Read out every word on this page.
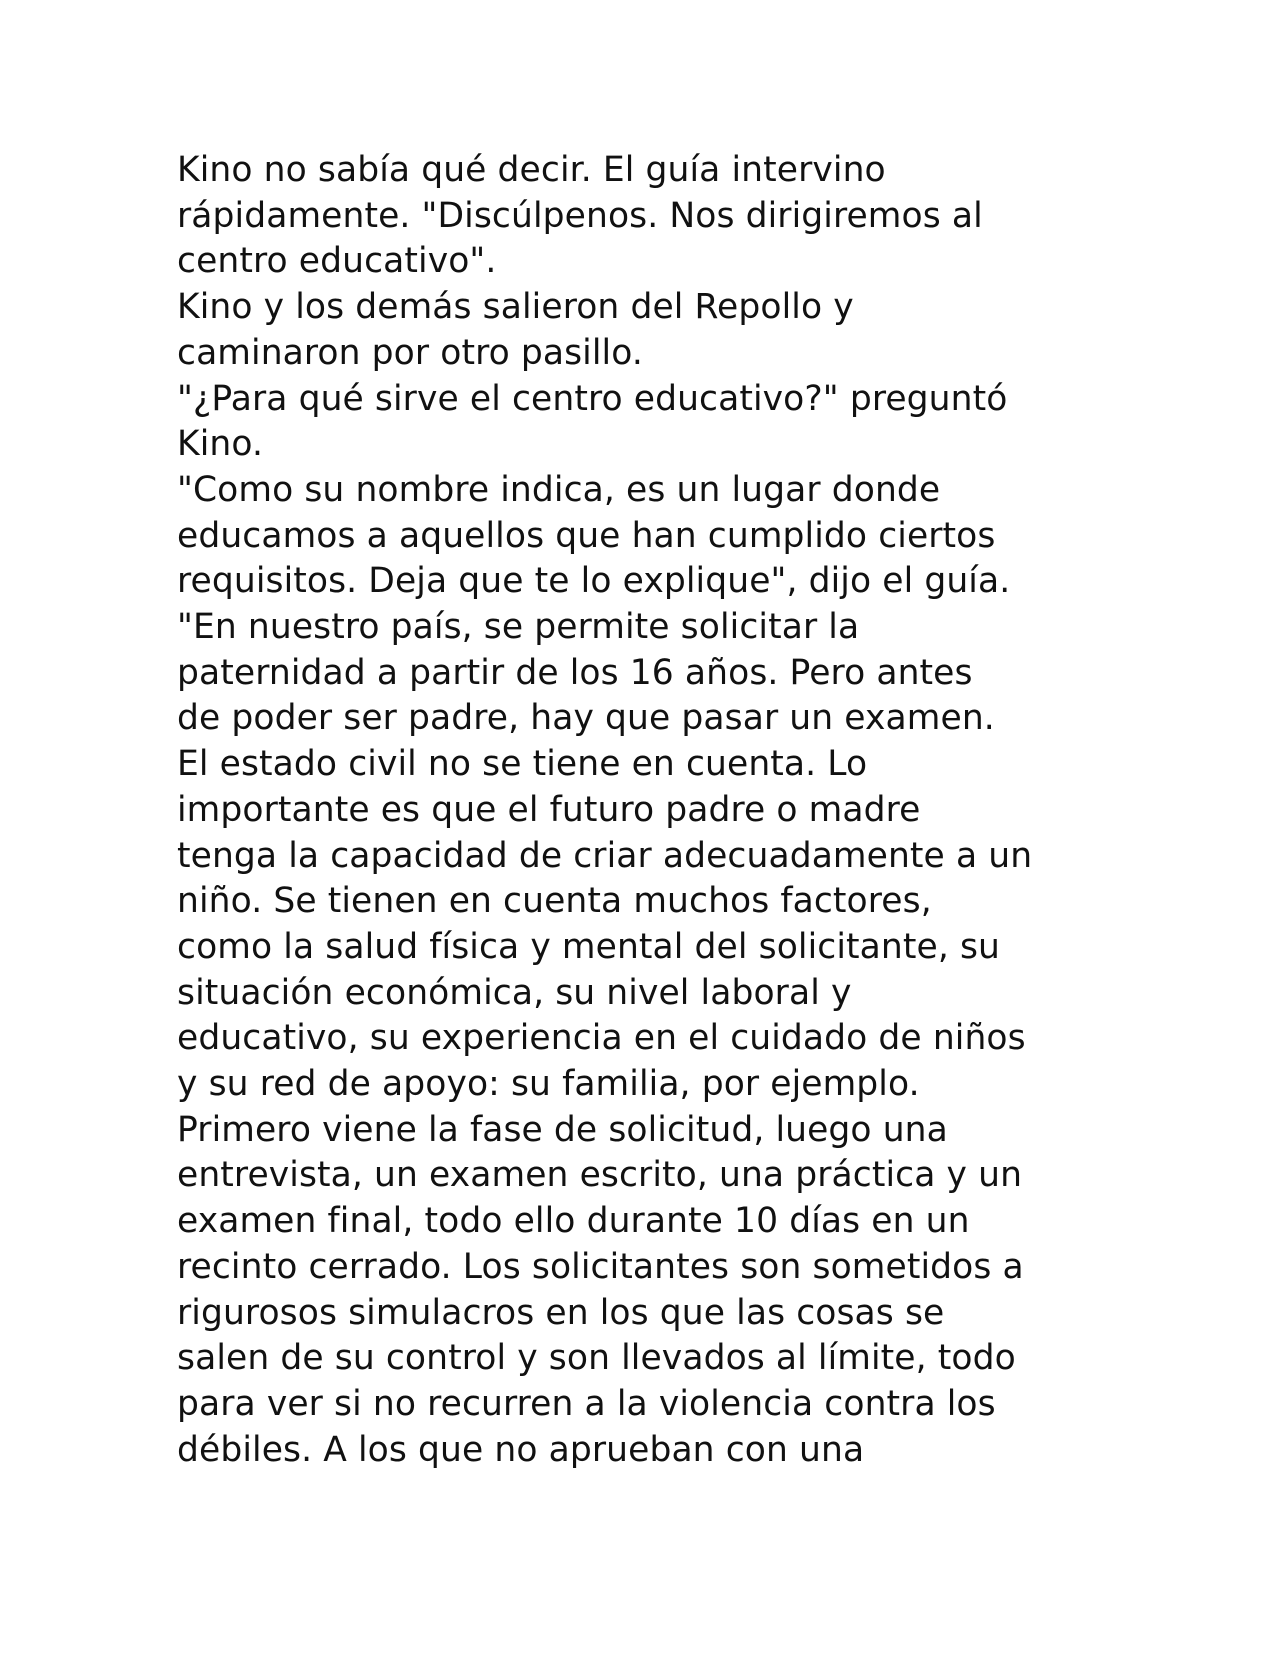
Kino no sabía qué decir. El guía intervino
rápidamente. "Discúlpenos. Nos dirigiremos al
centro educativo".
Kino y los demás salieron del Repollo y
caminaron por otro pasillo.
"¿Para qué sirve el centro educativo?" preguntó
Kino.
"Como su nombre indica, es un lugar donde
educamos a aquellos que han cumplido ciertos
requisitos. Deja que te lo explique", dijo el guía.
"En nuestro país, se permite solicitar la
paternidad a partir de los 16 años. Pero antes
de poder ser padre, hay que pasar un examen.
El estado civil no se tiene en cuenta. Lo
importante es que el futuro padre o madre
tenga la capacidad de criar adecuadamente a un
niño. Se tienen en cuenta muchos factores,
como la salud física y mental del solicitante, su
situación económica, su nivel laboral y
educativo, su experiencia en el cuidado de niños
y su red de apoyo: su familia, por ejemplo.
Primero viene la fase de solicitud, luego una
entrevista, un examen escrito, una práctica y un
examen final, todo ello durante 10 días en un
recinto cerrado. Los solicitantes son sometidos a
rigurosos simulacros en los que las cosas se
salen de su control y son llevados al límite, todo
para ver si no recurren a la violencia contra los
débiles. A los que no aprueban con una
